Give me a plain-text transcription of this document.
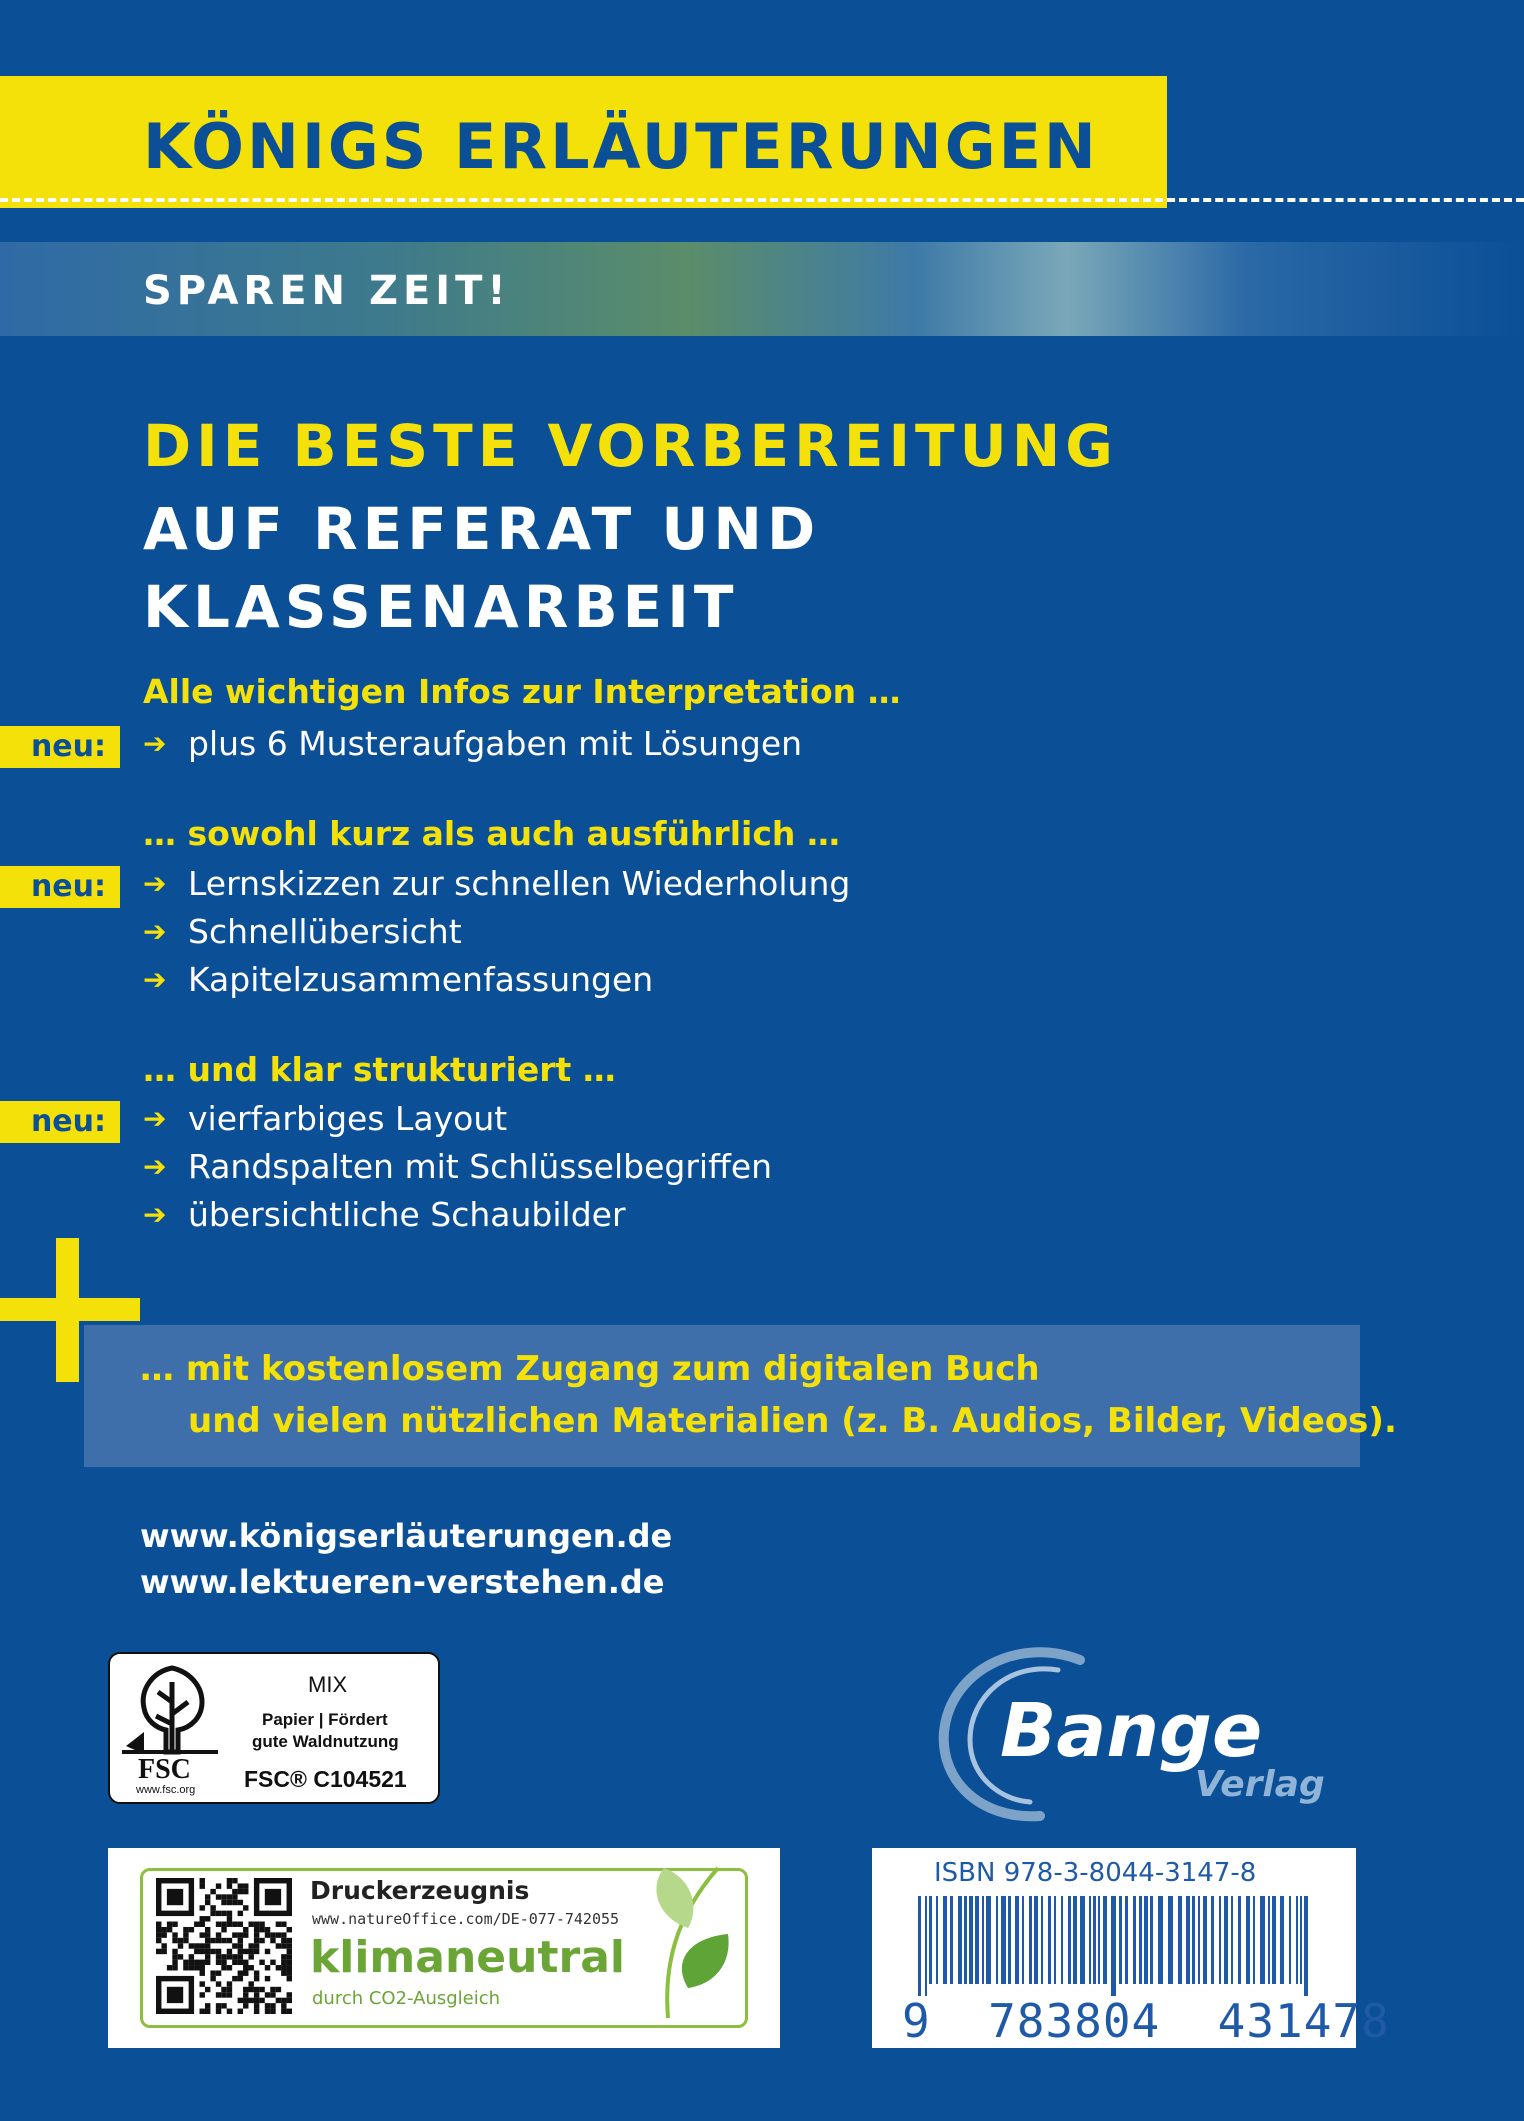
KÖNIGS ERLÄUTERUNGEN
SPAREN ZEIT!
DIE BESTE VORBEREITUNG
AUF REFERAT UND
KLASSENARBEIT
Alle wichtigen Infos zur Interpretation …
neu:	➔ plus 6 Musteraufgaben mit Lösungen
… sowohl kurz als auch ausführlich …
neu:	➔ Lernskizzen zur schnellen Wiederholung
➔ Schnellübersicht
➔ Kapitelzusammenfassungen
… und klar strukturiert …
neu:	➔ vierfarbiges Layout
➔ Randspalten mit Schlüsselbegriffen
➔ übersichtliche Schaubilder
… mit kostenlosem Zugang zum digitalen Buch
und vielen nützlichen Materialien (z. B. Audios, Bilder, Videos).
www.königserläuterungen.de
www.lektueren-verstehen.de
FSC
www.fsc.org
MIX
Papier | Fördert
gute Waldnutzung
FSC® C104521
Bange
Verlag
Druckerzeugnis
www.natureOffice.com/DE-077-742055
klimaneutral
durch CO2-Ausgleich
ISBN 978-3-8044-3147-8
9  783804  431478
